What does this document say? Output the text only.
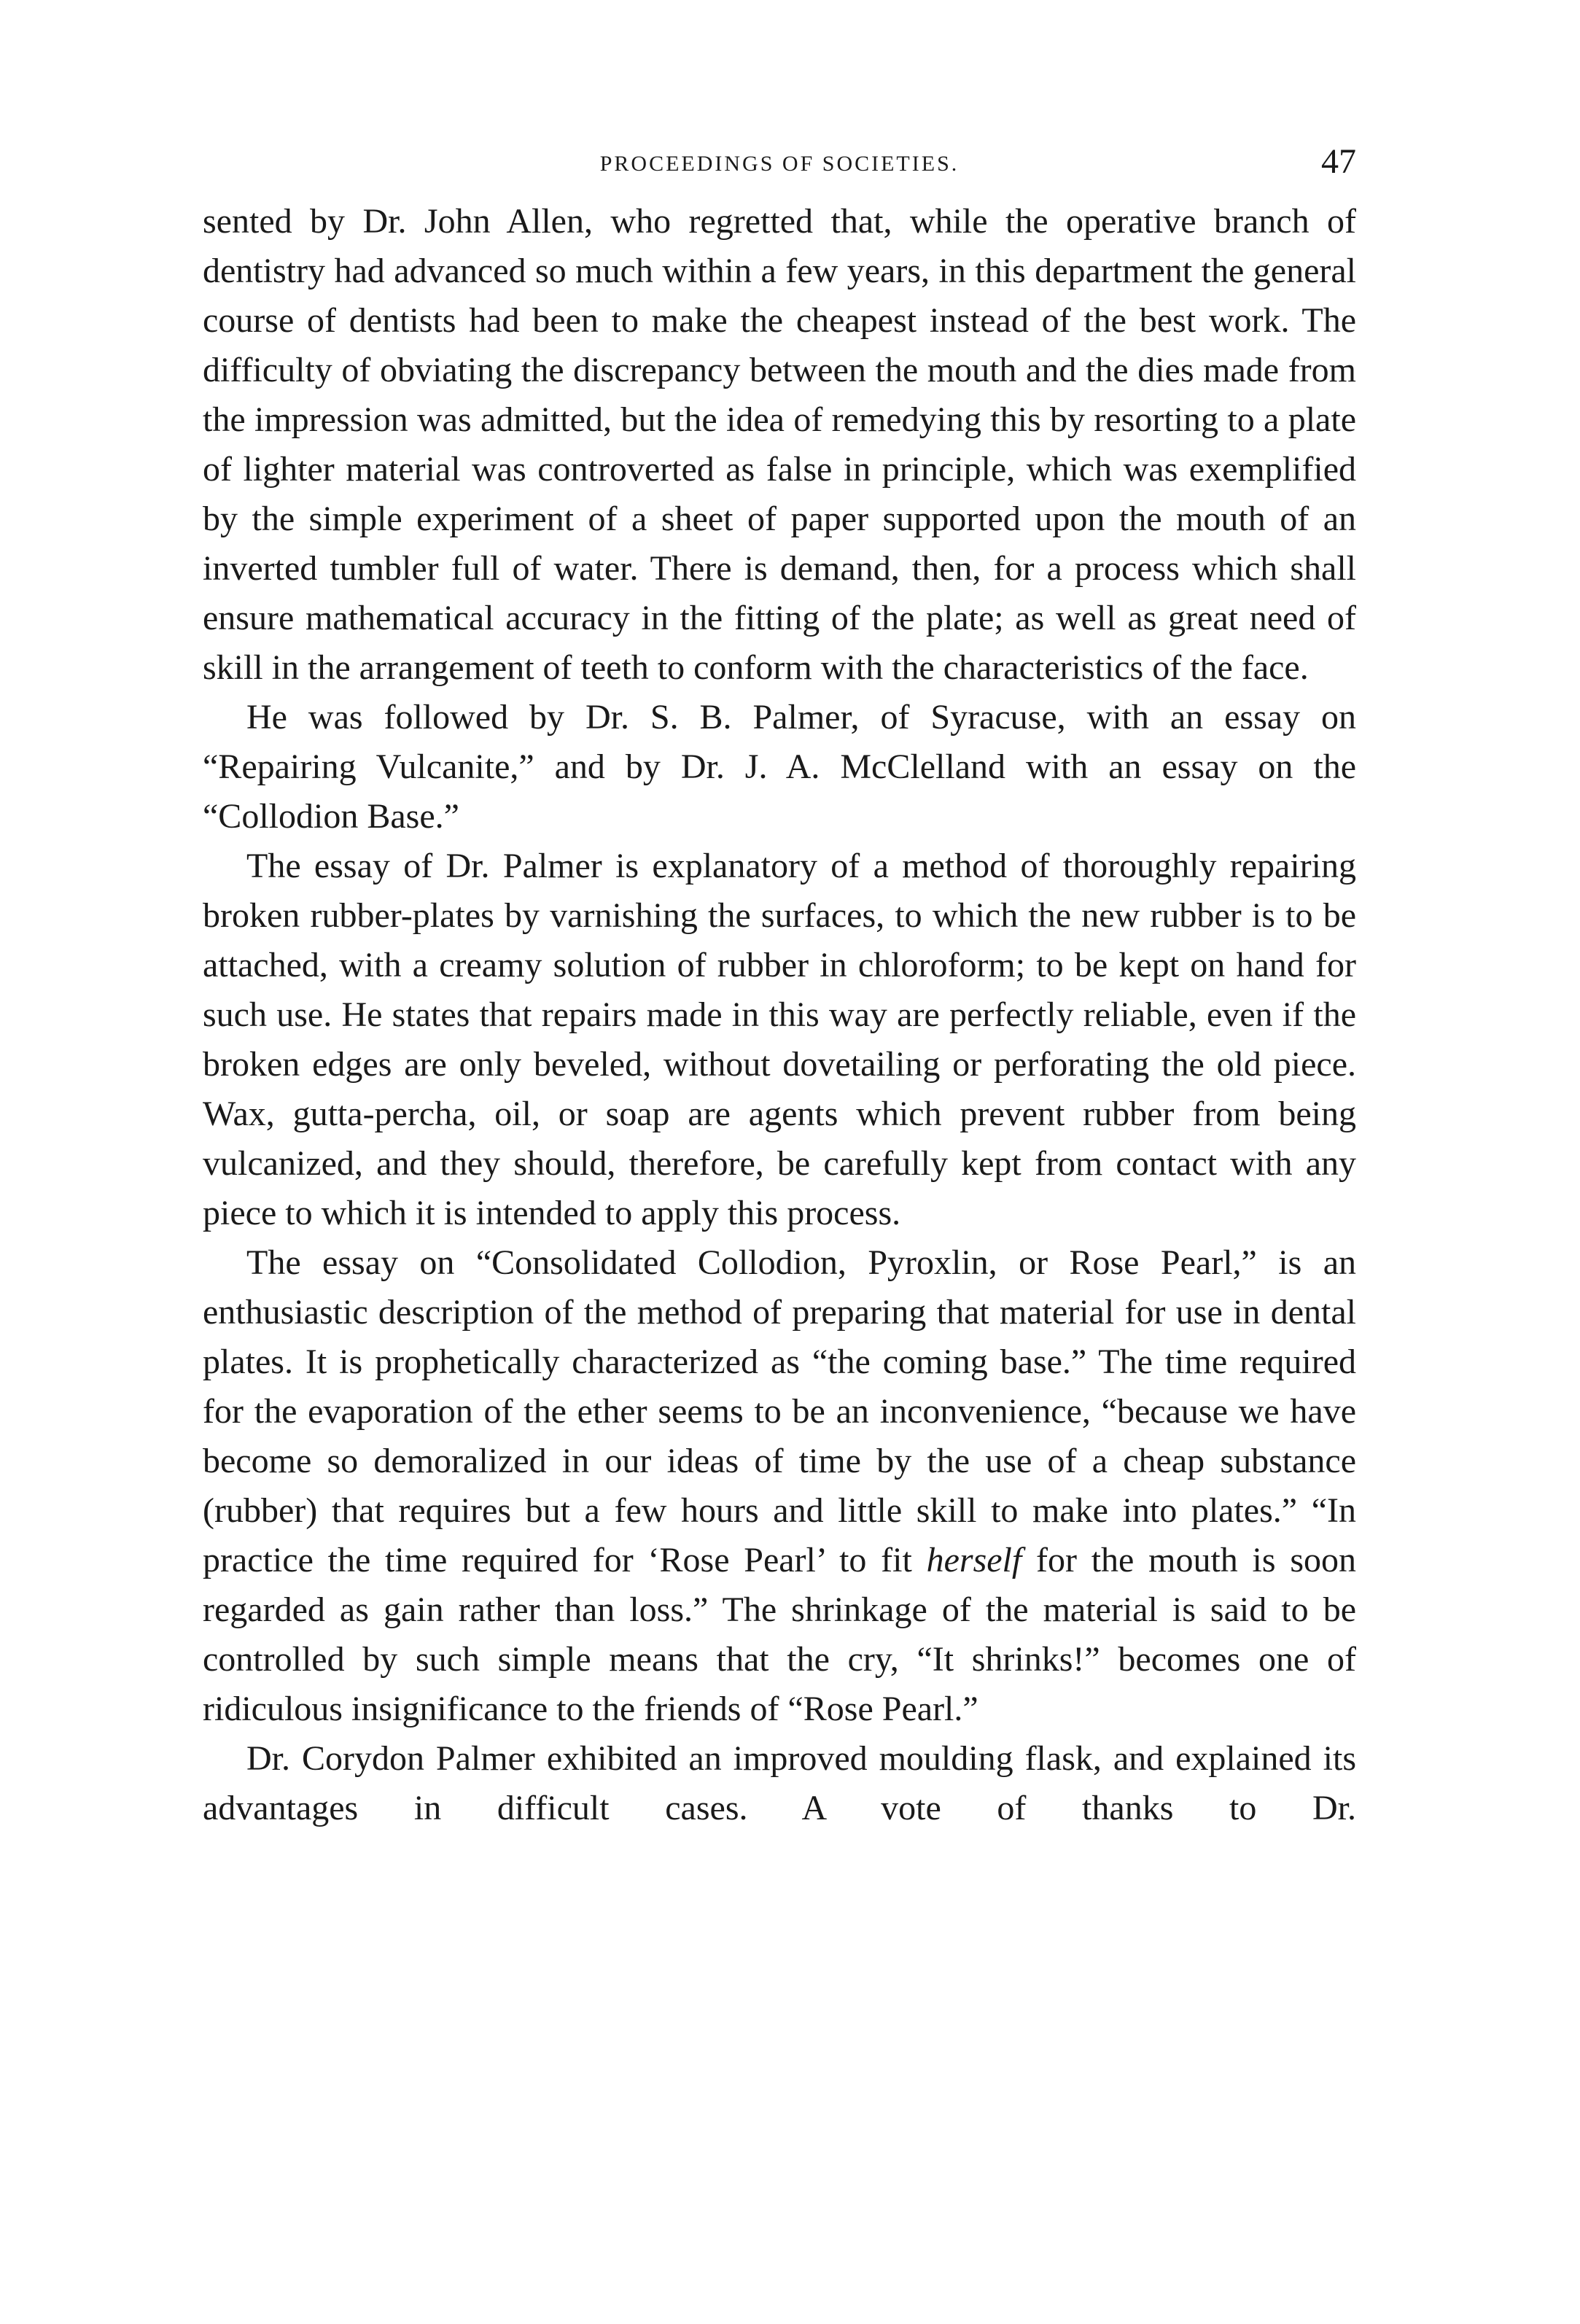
PROCEEDINGS OF SOCIETIES.	47

sented by Dr. John Allen, who regretted that, while the operative branch of dentistry had advanced so much within a few years, in this department the general course of dentists had been to make the cheapest instead of the best work. The difficulty of obviating the discrepancy between the mouth and the dies made from the impression was admitted, but the idea of remedying this by resorting to a plate of lighter material was controverted as false in principle, which was exemplified by the simple experiment of a sheet of paper supported upon the mouth of an inverted tumbler full of water. There is demand, then, for a process which shall ensure mathematical accuracy in the fitting of the plate; as well as great need of skill in the arrangement of teeth to conform with the characteristics of the face.

He was followed by Dr. S. B. Palmer, of Syracuse, with an essay on “Repairing Vulcanite,” and by Dr. J. A. McClelland with an essay on the “Collodion Base.”

The essay of Dr. Palmer is explanatory of a method of thoroughly repairing broken rubber-plates by varnishing the surfaces, to which the new rubber is to be attached, with a creamy solution of rubber in chloroform; to be kept on hand for such use. He states that repairs made in this way are perfectly reliable, even if the broken edges are only beveled, without dovetailing or perforating the old piece. Wax, gutta-percha, oil, or soap are agents which prevent rubber from being vulcanized, and they should, therefore, be carefully kept from contact with any piece to which it is intended to apply this process.

The essay on “Consolidated Collodion, Pyroxlin, or Rose Pearl,” is an enthusiastic description of the method of preparing that material for use in dental plates. It is prophetically characterized as “the coming base.” The time required for the evaporation of the ether seems to be an inconvenience, “because we have become so demoralized in our ideas of time by the use of a cheap substance (rubber) that requires but a few hours and little skill to make into plates.” “In practice the time required for ‘Rose Pearl’ to fit herself for the mouth is soon regarded as gain rather than loss.” The shrinkage of the material is said to be controlled by such simple means that the cry, “It shrinks!” becomes one of ridiculous insignificance to the friends of “Rose Pearl.”

Dr. Corydon Palmer exhibited an improved moulding flask, and explained its advantages in difficult cases. A vote of thanks to Dr.
